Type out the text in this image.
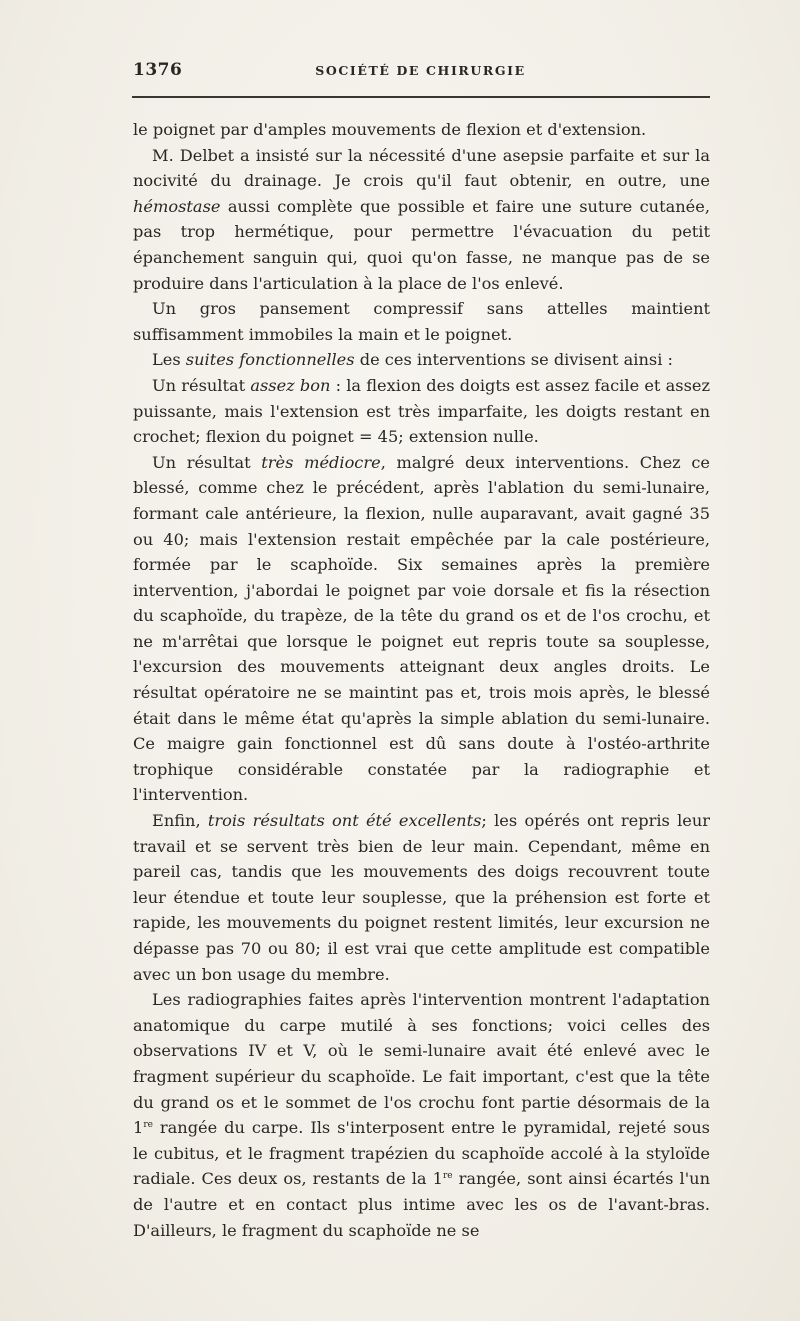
1376	SOCIÉTÉ DE CHIRURGIE

le poignet par d'amples mouvements de flexion et d'extension.

M. Delbet a insisté sur la nécessité d'une asepsie parfaite et sur la nocivité du drainage. Je crois qu'il faut obtenir, en outre, une hémostase aussi complète que possible et faire une suture cutanée, pas trop hermétique, pour permettre l'évacuation du petit épanchement sanguin qui, quoi qu'on fasse, ne manque pas de se produire dans l'articulation à la place de l'os enlevé.

Un gros pansement compressif sans attelles maintient suffisamment immobiles la main et le poignet.

Les suites fonctionnelles de ces interventions se divisent ainsi :

Un résultat assez bon : la flexion des doigts est assez facile et assez puissante, mais l'extension est très imparfaite, les doigts restant en crochet; flexion du poignet = 45; extension nulle.

Un résultat très médiocre, malgré deux interventions. Chez ce blessé, comme chez le précédent, après l'ablation du semi-lunaire, formant cale antérieure, la flexion, nulle auparavant, avait gagné 35 ou 40; mais l'extension restait empêchée par la cale postérieure, formée par le scaphoïde. Six semaines après la première intervention, j'abordai le poignet par voie dorsale et fis la résection du scaphoïde, du trapèze, de la tête du grand os et de l'os crochu, et ne m'arrêtai que lorsque le poignet eut repris toute sa souplesse, l'excursion des mouvements atteignant deux angles droits. Le résultat opératoire ne se maintint pas et, trois mois après, le blessé était dans le même état qu'après la simple ablation du semi-lunaire. Ce maigre gain fonctionnel est dû sans doute à l'ostéo-arthrite trophique considérable constatée par la radiographie et l'intervention.

Enfin, trois résultats ont été excellents; les opérés ont repris leur travail et se servent très bien de leur main. Cependant, même en pareil cas, tandis que les mouvements des doigs recouvrent toute leur étendue et toute leur souplesse, que la préhension est forte et rapide, les mouvements du poignet restent limités, leur excursion ne dépasse pas 70 ou 80; il est vrai que cette amplitude est compatible avec un bon usage du membre.

Les radiographies faites après l'intervention montrent l'adaptation anatomique du carpe mutilé à ses fonctions; voici celles des observations IV et V, où le semi-lunaire avait été enlevé avec le fragment supérieur du scaphoïde. Le fait important, c'est que la tête du grand os et le sommet de l'os crochu font partie désormais de la 1re rangée du carpe. Ils s'interposent entre le pyramidal, rejeté sous le cubitus, et le fragment trapézien du scaphoïde accolé à la styloïde radiale. Ces deux os, restants de la 1re rangée, sont ainsi écartés l'un de l'autre et en contact plus intime avec les os de l'avant-bras. D'ailleurs, le fragment du scaphoïde ne se
